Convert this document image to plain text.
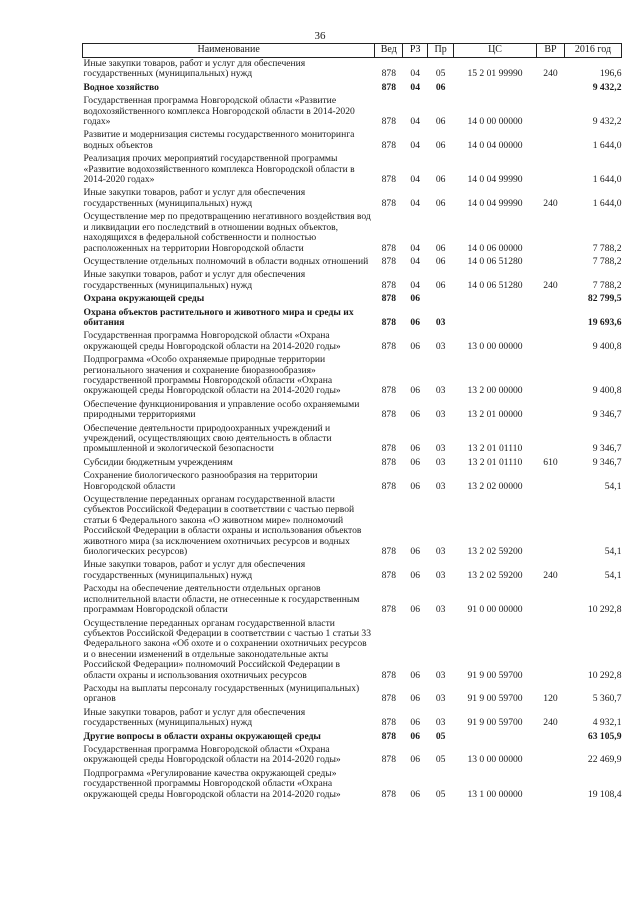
36
Наименование	Вед	РЗ	Пр	ЦС	ВР	2016 год
Иные закупки товаров, работ и услуг для обеспечения государственных (муниципальных) нужд	878	04	05	15 2 01 99990	240	196,6
Водное хозяйство	878	04	06			9 432,2
Государственная программа Новгородской области «Развитие водохозяйственного комплекса Новгородской области в 2014-2020 годах»	878	04	06	14 0 00 00000		9 432,2
Развитие и модернизация системы государственного мониторинга водных объектов	878	04	06	14 0 04 00000		1 644,0
Реализация прочих мероприятий государственной программы «Развитие водохозяйственного комплекса Новгородской области в 2014-2020 годах»	878	04	06	14 0 04 99990		1 644,0
Иные закупки товаров, работ и услуг для обеспечения государственных (муниципальных) нужд	878	04	06	14 0 04 99990	240	1 644,0
Осуществление мер по предотвращению негативного воздействия вод и ликвидации его последствий в отношении водных объектов, находящихся в федеральной собственности и полностью расположенных на территории Новгородской области	878	04	06	14 0 06 00000		7 788,2
Осуществление отдельных полномочий в области водных отношений	878	04	06	14 0 06 51280		7 788,2
Иные закупки товаров, работ и услуг для обеспечения государственных (муниципальных) нужд	878	04	06	14 0 06 51280	240	7 788,2
Охрана окружающей среды	878	06				82 799,5
Охрана объектов растительного и животного мира и среды их обитания	878	06	03			19 693,6
Государственная программа Новгородской области «Охрана окружающей среды Новгородской области на 2014-2020 годы»	878	06	03	13 0 00 00000		9 400,8
Подпрограмма «Особо охраняемые природные территории регионального значения и сохранение биоразнообразия» государственной программы Новгородской области «Охрана окружающей среды Новгородской области на 2014-2020 годы»	878	06	03	13 2 00 00000		9 400,8
Обеспечение функционирования и управление особо охраняемыми природными территориями	878	06	03	13 2 01 00000		9 346,7
Обеспечение деятельности природоохранных учреждений и учреждений, осуществляющих свою деятельность в области промышленной и экологической безопасности	878	06	03	13 2 01 01110		9 346,7
Субсидии бюджетным учреждениям	878	06	03	13 2 01 01110	610	9 346,7
Сохранение биологического разнообразия на территории Новгородской области	878	06	03	13 2 02 00000		54,1
Осуществление переданных органам государственной власти субъектов Российской Федерации в соответствии с частью первой статьи 6 Федерального закона «О животном мире» полномочий Российской Федерации в области охраны и использования объектов животного мира (за исключением охотничьих ресурсов и водных биологических ресурсов)	878	06	03	13 2 02 59200		54,1
Иные закупки товаров, работ и услуг для обеспечения государственных (муниципальных) нужд	878	06	03	13 2 02 59200	240	54,1
Расходы на обеспечение деятельности отдельных органов исполнительной власти области, не отнесенные к государственным программам Новгородской области	878	06	03	91 0 00 00000		10 292,8
Осуществление переданных органам государственной власти субъектов Российской Федерации в соответствии с частью 1 статьи 33 Федерального закона «Об охоте и о сохранении охотничьих ресурсов и о внесении изменений в отдельные законодательные акты Российской Федерации» полномочий Российской Федерации в области охраны и использования охотничьих ресурсов	878	06	03	91 9 00 59700		10 292,8
Расходы на выплаты персоналу государственных (муниципальных) органов	878	06	03	91 9 00 59700	120	5 360,7
Иные закупки товаров, работ и услуг для обеспечения государственных (муниципальных) нужд	878	06	03	91 9 00 59700	240	4 932,1
Другие вопросы в области охраны окружающей среды	878	06	05			63 105,9
Государственная программа Новгородской области «Охрана окружающей среды Новгородской области на 2014-2020 годы»	878	06	05	13 0 00 00000		22 469,9
Подпрограмма «Регулирование качества окружающей среды» государственной программы Новгородской области «Охрана окружающей среды Новгородской области на 2014-2020 годы»	878	06	05	13 1 00 00000		19 108,4
